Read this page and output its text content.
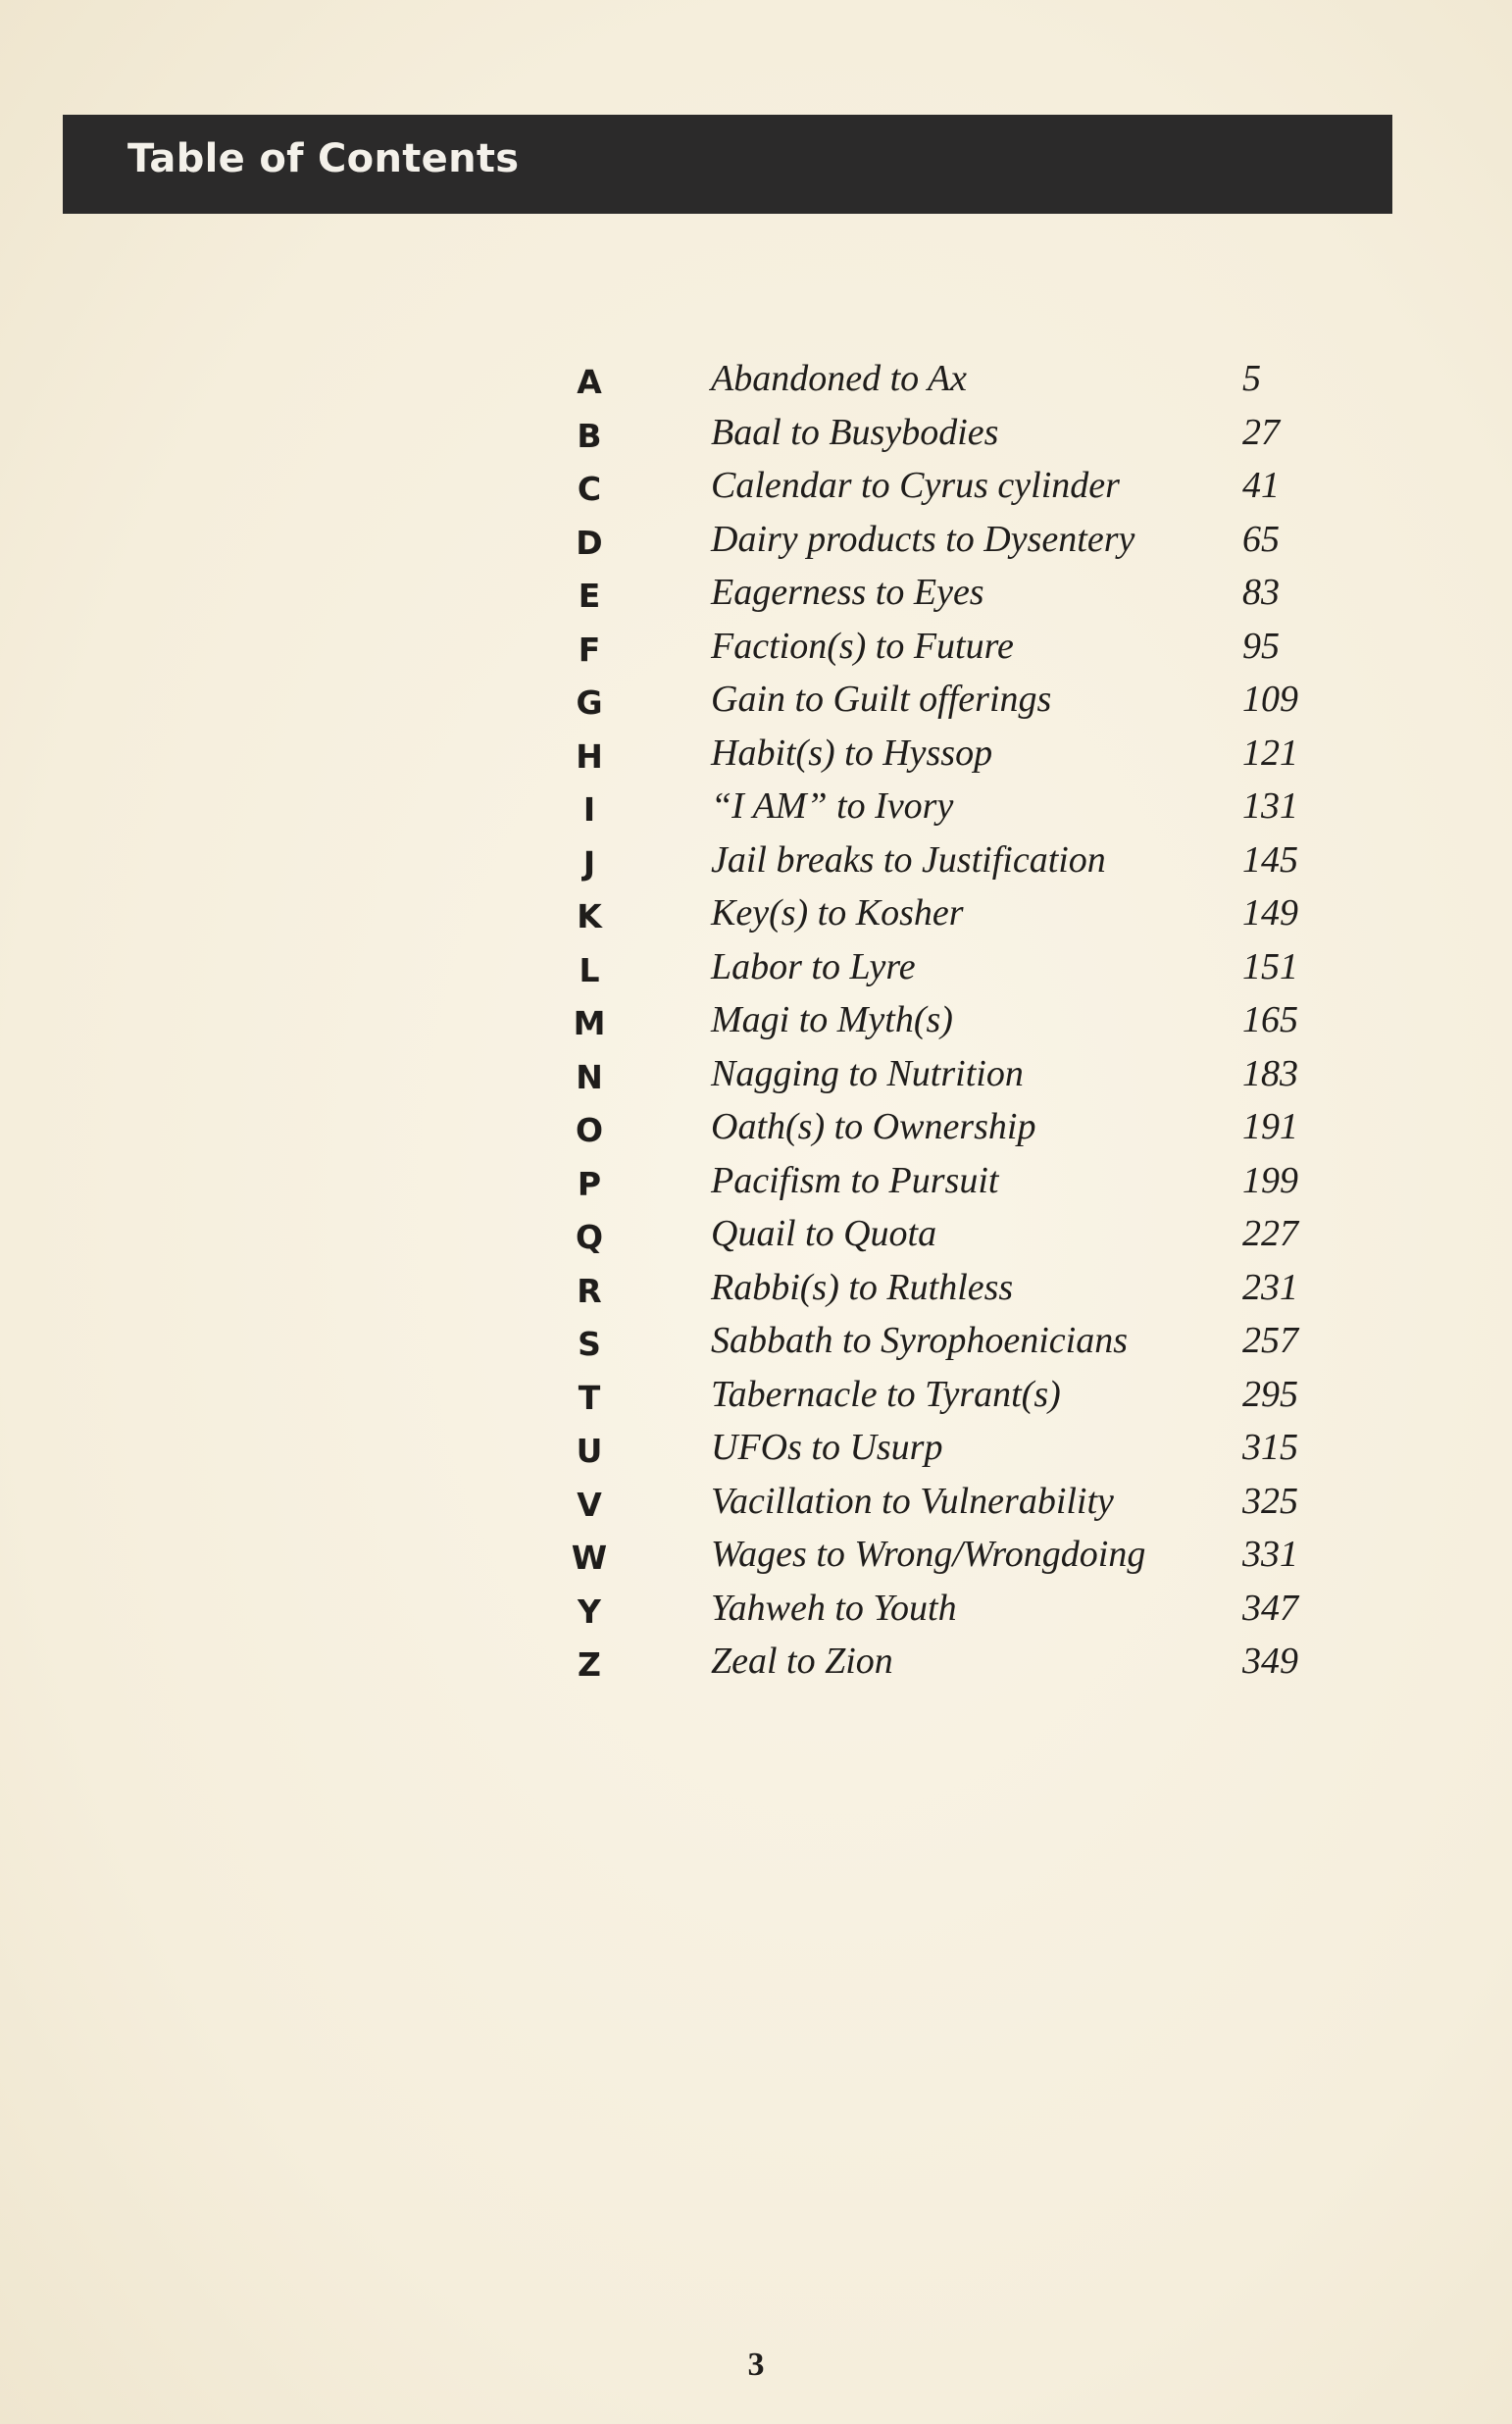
Table of Contents
A	Abandoned to Ax	5
B	Baal to Busybodies	27
C	Calendar to Cyrus cylinder	41
D	Dairy products to Dysentery	65
E	Eagerness to Eyes	83
F	Faction(s) to Future	95
G	Gain to Guilt offerings	109
H	Habit(s) to Hyssop	121
I	“I AM” to Ivory	131
J	Jail breaks to Justification	145
K	Key(s) to Kosher	149
L	Labor to Lyre	151
M	Magi to Myth(s)	165
N	Nagging to Nutrition	183
O	Oath(s) to Ownership	191
P	Pacifism to Pursuit	199
Q	Quail to Quota	227
R	Rabbi(s) to Ruthless	231
S	Sabbath to Syrophoenicians	257
T	Tabernacle to Tyrant(s)	295
U	UFOs to Usurp	315
V	Vacillation to Vulnerability	325
W	Wages to Wrong/Wrongdoing	331
Y	Yahweh to Youth	347
Z	Zeal to Zion	349
3
